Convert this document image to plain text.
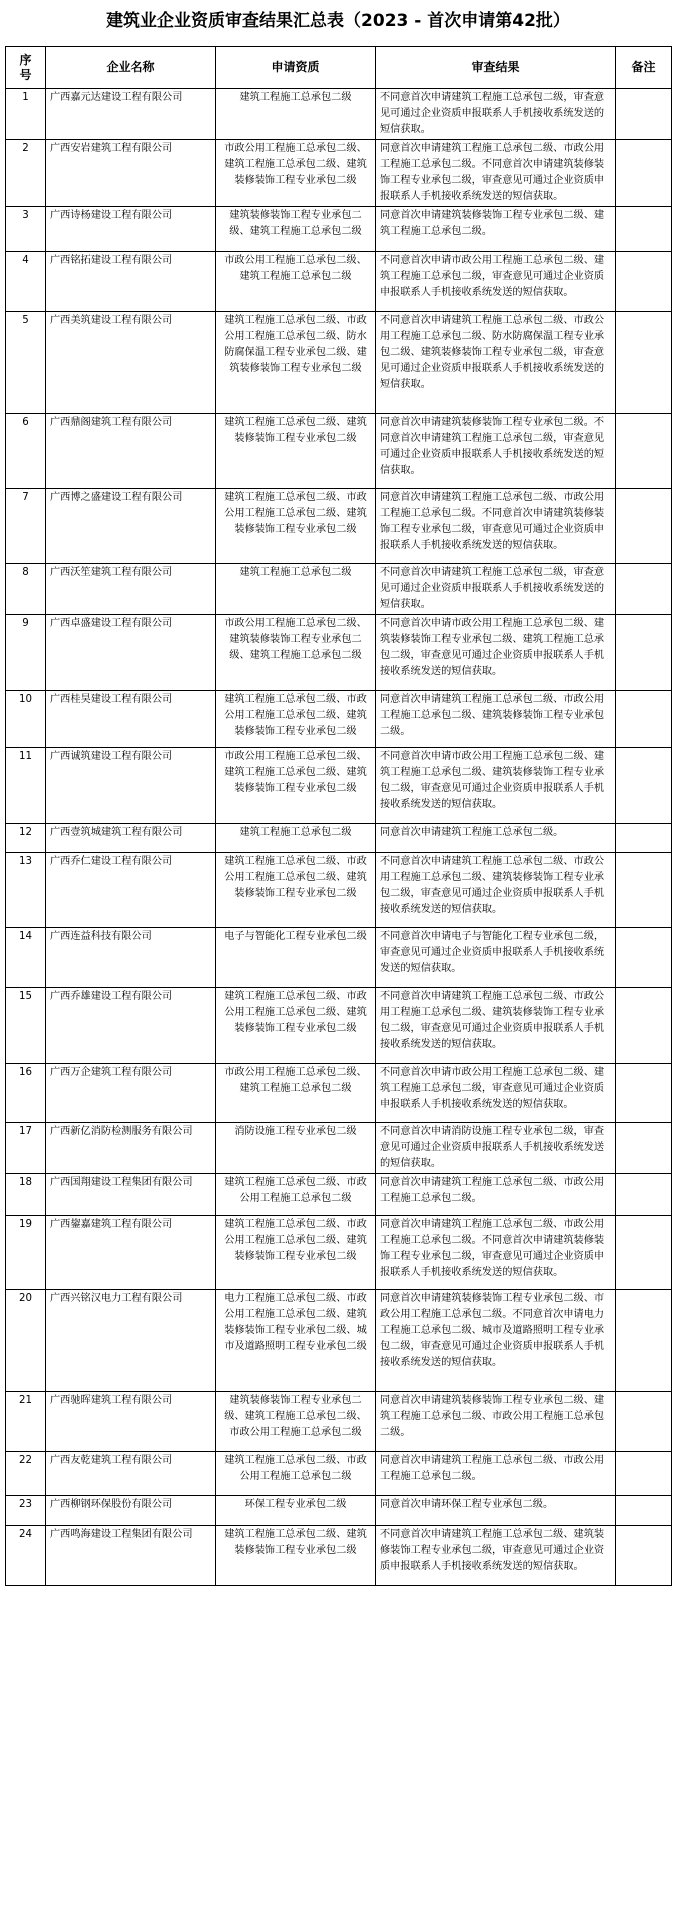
建筑业企业资质审查结果汇总表（2023 - 首次申请第42批）
序号	企业名称	申请资质	审查结果	备注
1	广西嘉元达建设工程有限公司	建筑工程施工总承包二级	不同意首次申请建筑工程施工总承包二级，审查意见可通过企业资质申报联系人手机接收系统发送的短信获取。	
2	广西安岩建筑工程有限公司	市政公用工程施工总承包二级、建筑工程施工总承包二级、建筑装修装饰工程专业承包二级	同意首次申请建筑工程施工总承包二级、市政公用工程施工总承包二级。不同意首次申请建筑装修装饰工程专业承包二级，审查意见可通过企业资质申报联系人手机接收系统发送的短信获取。	
3	广西诗杨建设工程有限公司	建筑装修装饰工程专业承包二级、建筑工程施工总承包二级	同意首次申请建筑装修装饰工程专业承包二级、建筑工程施工总承包二级。	
4	广西铭拓建设工程有限公司	市政公用工程施工总承包二级、建筑工程施工总承包二级	不同意首次申请市政公用工程施工总承包二级、建筑工程施工总承包二级，审查意见可通过企业资质申报联系人手机接收系统发送的短信获取。	
5	广西美筑建设工程有限公司	建筑工程施工总承包二级、市政公用工程施工总承包二级、防水防腐保温工程专业承包二级、建筑装修装饰工程专业承包二级	不同意首次申请建筑工程施工总承包二级、市政公用工程施工总承包二级、防水防腐保温工程专业承包二级、建筑装修装饰工程专业承包二级，审查意见可通过企业资质申报联系人手机接收系统发送的短信获取。	
6	广西鼎阁建筑工程有限公司	建筑工程施工总承包二级、建筑装修装饰工程专业承包二级	同意首次申请建筑装修装饰工程专业承包二级。不同意首次申请建筑工程施工总承包二级，审查意见可通过企业资质申报联系人手机接收系统发送的短信获取。	
7	广西博之盛建设工程有限公司	建筑工程施工总承包二级、市政公用工程施工总承包二级、建筑装修装饰工程专业承包二级	同意首次申请建筑工程施工总承包二级、市政公用工程施工总承包二级。不同意首次申请建筑装修装饰工程专业承包二级，审查意见可通过企业资质申报联系人手机接收系统发送的短信获取。	
8	广西沃笙建筑工程有限公司	建筑工程施工总承包二级	不同意首次申请建筑工程施工总承包二级，审查意见可通过企业资质申报联系人手机接收系统发送的短信获取。	
9	广西卓盛建设工程有限公司	市政公用工程施工总承包二级、建筑装修装饰工程专业承包二级、建筑工程施工总承包二级	不同意首次申请市政公用工程施工总承包二级、建筑装修装饰工程专业承包二级、建筑工程施工总承包二级，审查意见可通过企业资质申报联系人手机接收系统发送的短信获取。	
10	广西桂昊建设工程有限公司	建筑工程施工总承包二级、市政公用工程施工总承包二级、建筑装修装饰工程专业承包二级	同意首次申请建筑工程施工总承包二级、市政公用工程施工总承包二级、建筑装修装饰工程专业承包二级。	
11	广西诚筑建设工程有限公司	市政公用工程施工总承包二级、建筑工程施工总承包二级、建筑装修装饰工程专业承包二级	不同意首次申请市政公用工程施工总承包二级、建筑工程施工总承包二级、建筑装修装饰工程专业承包二级，审查意见可通过企业资质申报联系人手机接收系统发送的短信获取。	
12	广西壹筑城建筑工程有限公司	建筑工程施工总承包二级	同意首次申请建筑工程施工总承包二级。	
13	广西乔仁建设工程有限公司	建筑工程施工总承包二级、市政公用工程施工总承包二级、建筑装修装饰工程专业承包二级	不同意首次申请建筑工程施工总承包二级、市政公用工程施工总承包二级、建筑装修装饰工程专业承包二级，审查意见可通过企业资质申报联系人手机接收系统发送的短信获取。	
14	广西连益科技有限公司	电子与智能化工程专业承包二级	不同意首次申请电子与智能化工程专业承包二级，审查意见可通过企业资质申报联系人手机接收系统发送的短信获取。	
15	广西乔雄建设工程有限公司	建筑工程施工总承包二级、市政公用工程施工总承包二级、建筑装修装饰工程专业承包二级	不同意首次申请建筑工程施工总承包二级、市政公用工程施工总承包二级、建筑装修装饰工程专业承包二级，审查意见可通过企业资质申报联系人手机接收系统发送的短信获取。	
16	广西万企建筑工程有限公司	市政公用工程施工总承包二级、建筑工程施工总承包二级	不同意首次申请市政公用工程施工总承包二级、建筑工程施工总承包二级，审查意见可通过企业资质申报联系人手机接收系统发送的短信获取。	
17	广西新亿消防检测服务有限公司	消防设施工程专业承包二级	不同意首次申请消防设施工程专业承包二级，审查意见可通过企业资质申报联系人手机接收系统发送的短信获取。	
18	广西国翔建设工程集团有限公司	建筑工程施工总承包二级、市政公用工程施工总承包二级	同意首次申请建筑工程施工总承包二级、市政公用工程施工总承包二级。	
19	广西鋆嘉建筑工程有限公司	建筑工程施工总承包二级、市政公用工程施工总承包二级、建筑装修装饰工程专业承包二级	同意首次申请建筑工程施工总承包二级、市政公用工程施工总承包二级。不同意首次申请建筑装修装饰工程专业承包二级，审查意见可通过企业资质申报联系人手机接收系统发送的短信获取。	
20	广西兴铭汉电力工程有限公司	电力工程施工总承包二级、市政公用工程施工总承包二级、建筑装修装饰工程专业承包二级、城市及道路照明工程专业承包二级	同意首次申请建筑装修装饰工程专业承包二级、市政公用工程施工总承包二级。不同意首次申请电力工程施工总承包二级、城市及道路照明工程专业承包二级，审查意见可通过企业资质申报联系人手机接收系统发送的短信获取。	
21	广西驰晖建筑工程有限公司	建筑装修装饰工程专业承包二级、建筑工程施工总承包二级、市政公用工程施工总承包二级	同意首次申请建筑装修装饰工程专业承包二级、建筑工程施工总承包二级、市政公用工程施工总承包二级。	
22	广西友乾建筑工程有限公司	建筑工程施工总承包二级、市政公用工程施工总承包二级	同意首次申请建筑工程施工总承包二级、市政公用工程施工总承包二级。	
23	广西柳钢环保股份有限公司	环保工程专业承包二级	同意首次申请环保工程专业承包二级。	
24	广西鸣海建设工程集团有限公司	建筑工程施工总承包二级、建筑装修装饰工程专业承包二级	不同意首次申请建筑工程施工总承包二级、建筑装修装饰工程专业承包二级，审查意见可通过企业资质申报联系人手机接收系统发送的短信获取。	
